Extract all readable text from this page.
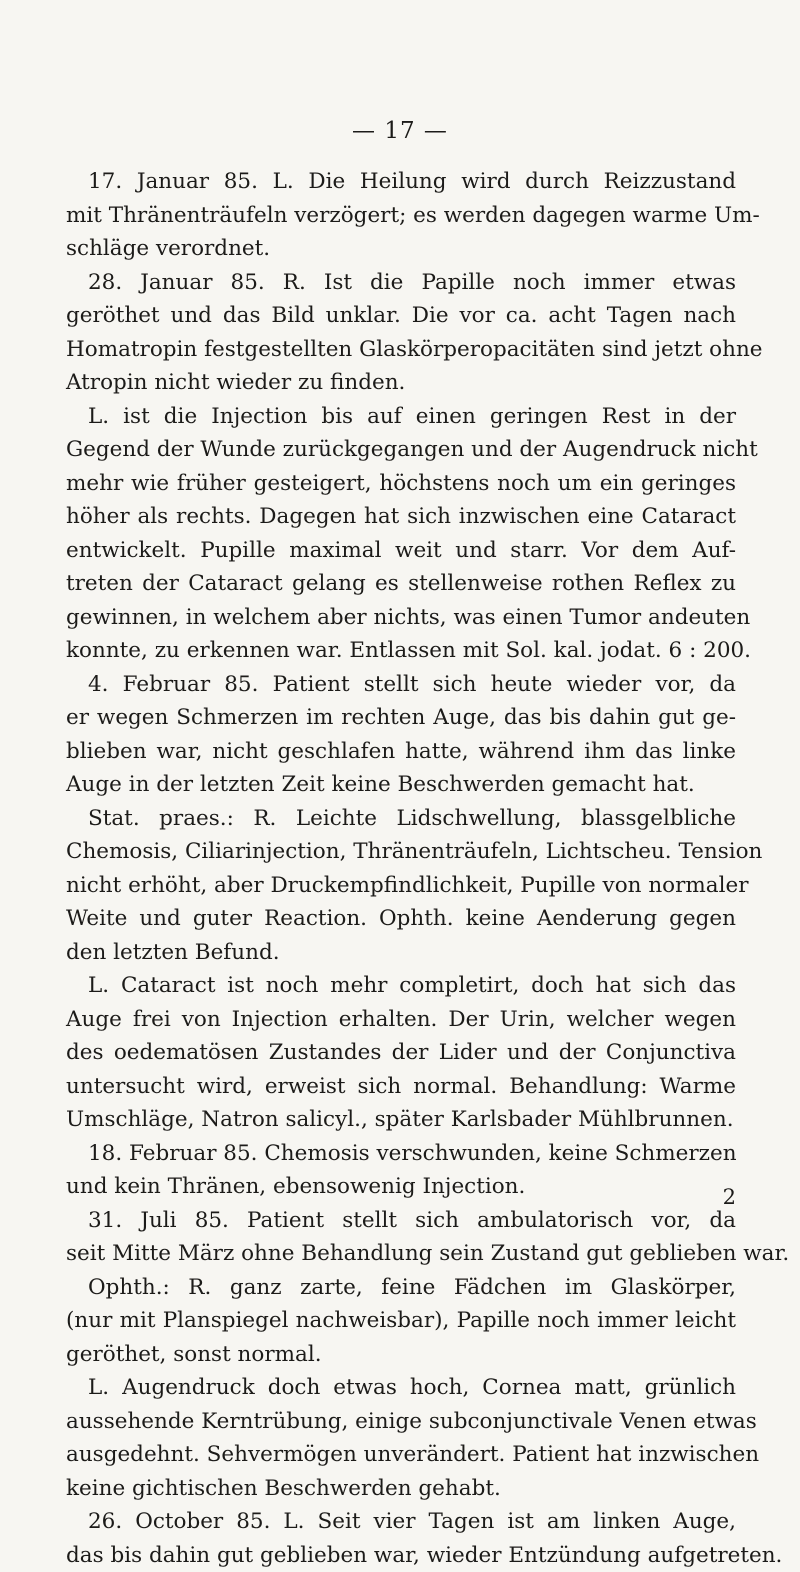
— 17 —
17. Januar 85. L. Die Heilung wird durch Reizzustand
mit Thränenträufeln verzögert; es werden dagegen warme Um-
schläge verordnet.
28. Januar 85. R. Ist die Papille noch immer etwas
geröthet und das Bild unklar. Die vor ca. acht Tagen nach
Homatropin festgestellten Glaskörperopacitäten sind jetzt ohne
Atropin nicht wieder zu finden.
L. ist die Injection bis auf einen geringen Rest in der
Gegend der Wunde zurückgegangen und der Augendruck nicht
mehr wie früher gesteigert, höchstens noch um ein geringes
höher als rechts. Dagegen hat sich inzwischen eine Cataract
entwickelt. Pupille maximal weit und starr. Vor dem Auf-
treten der Cataract gelang es stellenweise rothen Reflex zu
gewinnen, in welchem aber nichts, was einen Tumor andeuten
konnte, zu erkennen war. Entlassen mit Sol. kal. jodat. 6 : 200.
4. Februar 85. Patient stellt sich heute wieder vor, da
er wegen Schmerzen im rechten Auge, das bis dahin gut ge-
blieben war, nicht geschlafen hatte, während ihm das linke
Auge in der letzten Zeit keine Beschwerden gemacht hat.
Stat. praes.: R. Leichte Lidschwellung, blassgelbliche
Chemosis, Ciliarinjection, Thränenträufeln, Lichtscheu. Tension
nicht erhöht, aber Druckempfindlichkeit, Pupille von normaler
Weite und guter Reaction. Ophth. keine Aenderung gegen
den letzten Befund.
L. Cataract ist noch mehr completirt, doch hat sich das
Auge frei von Injection erhalten. Der Urin, welcher wegen
des oedematösen Zustandes der Lider und der Conjunctiva
untersucht wird, erweist sich normal. Behandlung: Warme
Umschläge, Natron salicyl., später Karlsbader Mühlbrunnen.
18. Februar 85. Chemosis verschwunden, keine Schmerzen
und kein Thränen, ebensowenig Injection.
31. Juli 85. Patient stellt sich ambulatorisch vor, da
seit Mitte März ohne Behandlung sein Zustand gut geblieben war.
Ophth.: R. ganz zarte, feine Fädchen im Glaskörper,
(nur mit Planspiegel nachweisbar), Papille noch immer leicht
geröthet, sonst normal.
L. Augendruck doch etwas hoch, Cornea matt, grünlich
aussehende Kerntrübung, einige subconjunctivale Venen etwas
ausgedehnt. Sehvermögen unverändert. Patient hat inzwischen
keine gichtischen Beschwerden gehabt.
26. October 85. L. Seit vier Tagen ist am linken Auge,
das bis dahin gut geblieben war, wieder Entzündung aufgetreten.
2
